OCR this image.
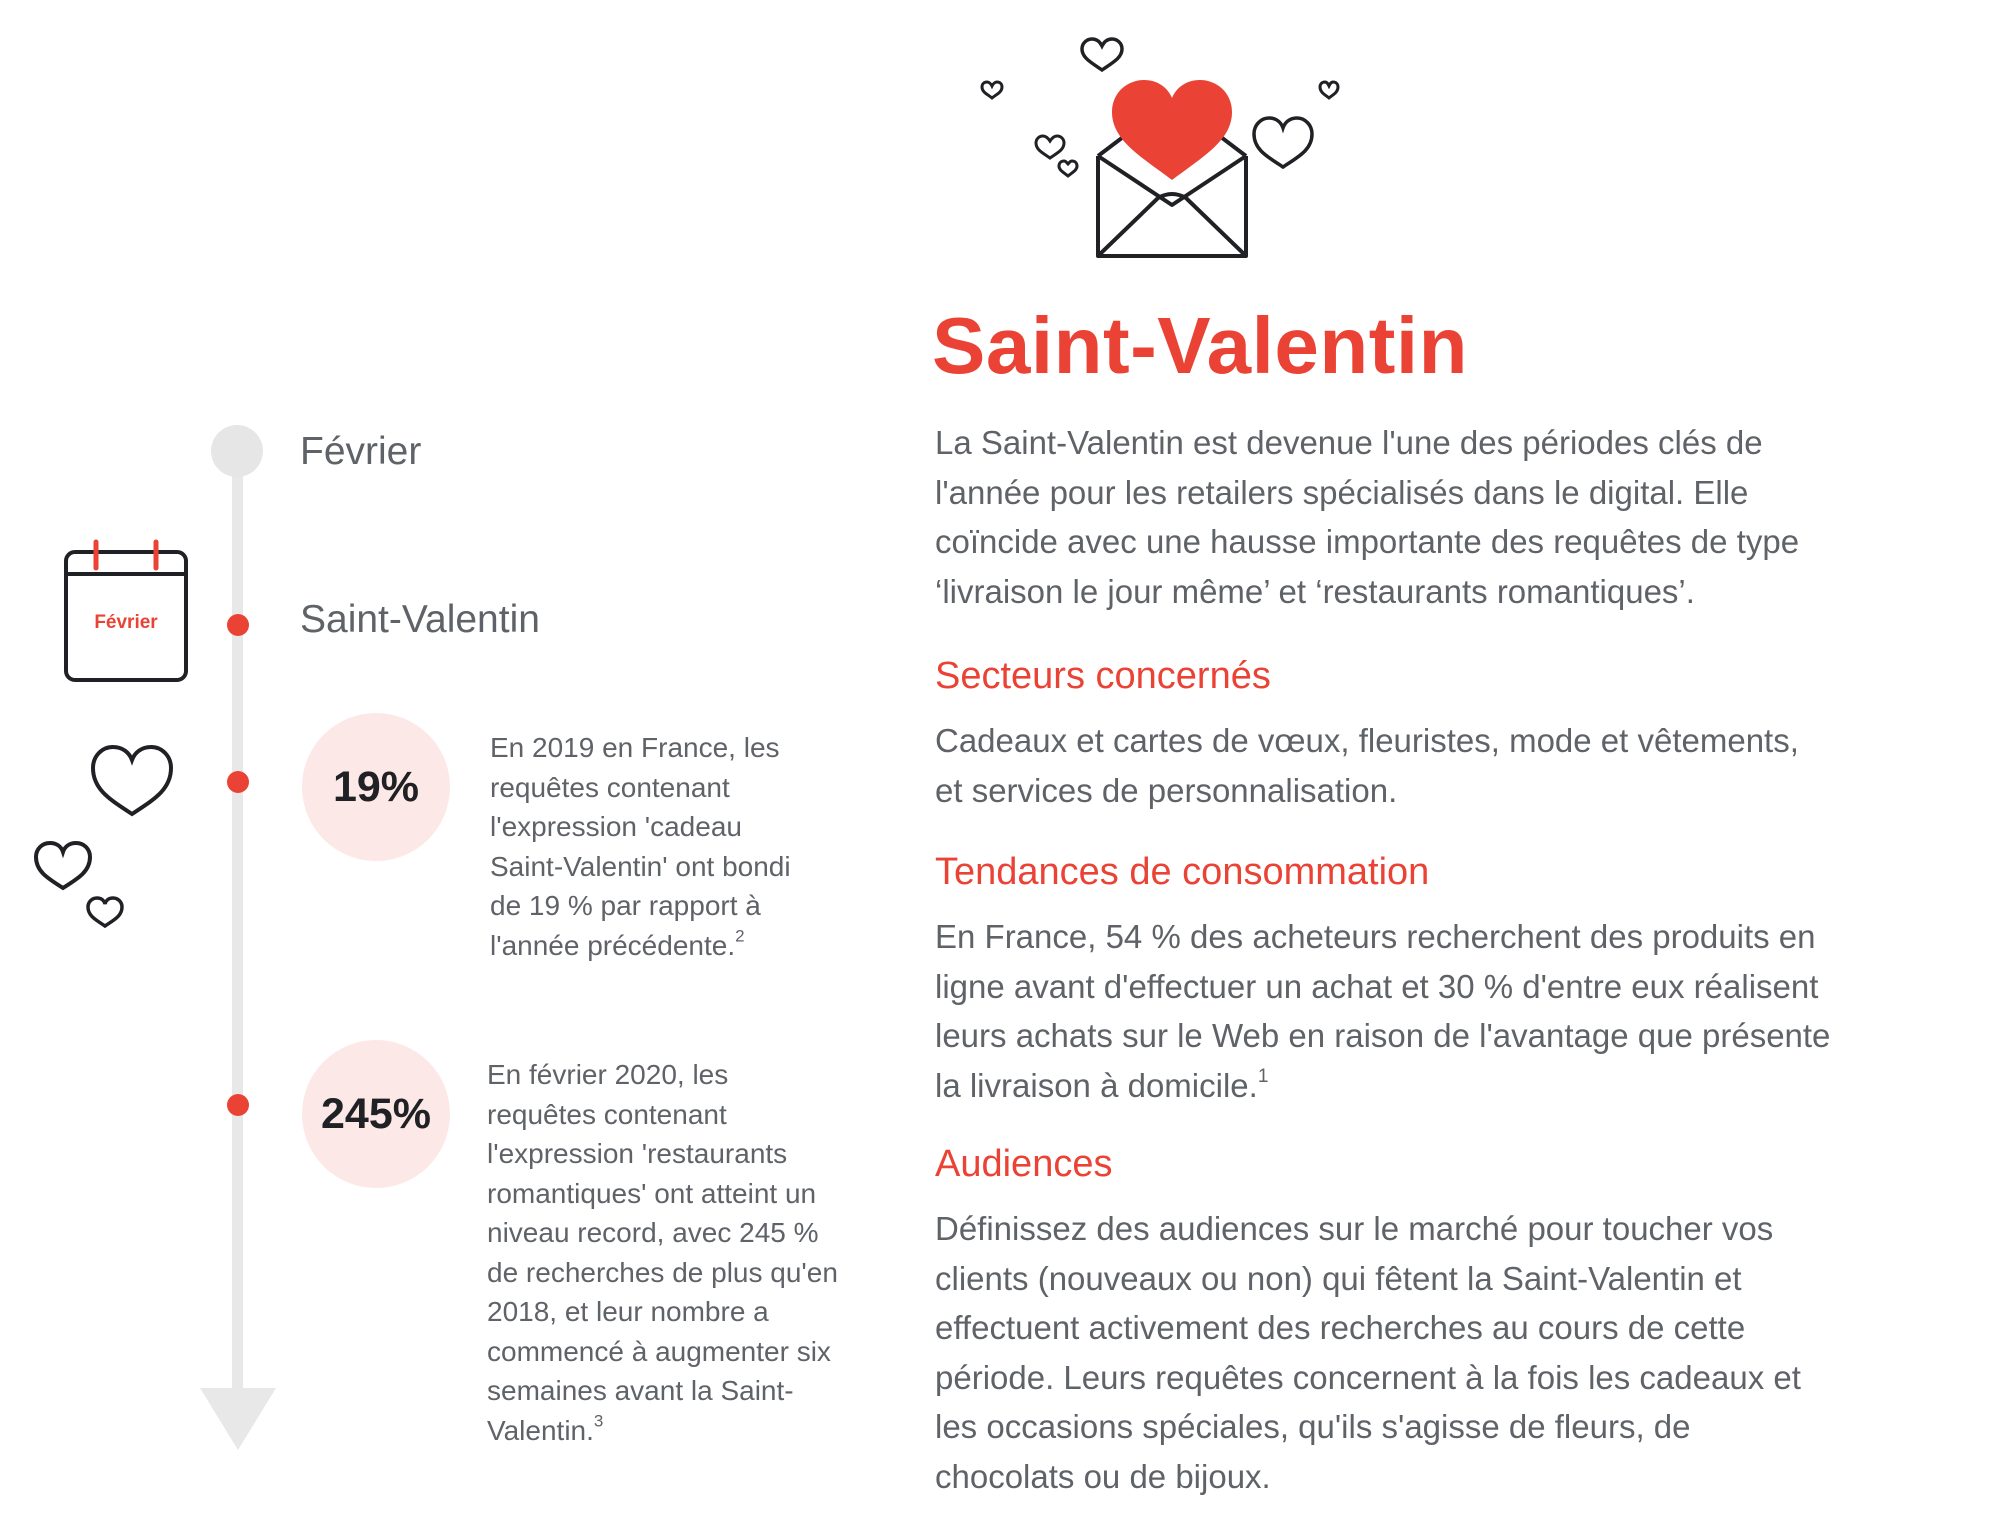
Février
Saint-Valentin
Février
19%
En 2019 en France, les
requêtes contenant
l'expression 'cadeau
Saint-Valentin' ont bondi
de 19 % par rapport à
l'année précédente.$^2$
245%
En février 2020, les
requêtes contenant
l'expression 'restaurants
romantiques' ont atteint un
niveau record, avec 245 %
de recherches de plus qu'en
2018, et leur nombre a
commencé à augmenter six
semaines avant la Saint-
Valentin.$^3$
Saint-Valentin
La Saint-Valentin est devenue l'une des périodes clés de
l'année pour les retailers spécialisés dans le digital. Elle
coïncide avec une hausse importante des requêtes de type
‘livraison le jour même’ et ‘restaurants romantiques’.
Secteurs concernés
Cadeaux et cartes de vœux, fleuristes, mode et vêtements,
et services de personnalisation.
Tendances de consommation
En France, 54 % des acheteurs recherchent des produits en
ligne avant d'effectuer un achat et 30 % d'entre eux réalisent
leurs achats sur le Web en raison de l'avantage que présente
la livraison à domicile.$^1$
Audiences
Définissez des audiences sur le marché pour toucher vos
clients (nouveaux ou non) qui fêtent la Saint-Valentin et
effectuent activement des recherches au cours de cette
période. Leurs requêtes concernent à la fois les cadeaux et
les occasions spéciales, qu'ils s'agisse de fleurs, de
chocolats ou de bijoux.
